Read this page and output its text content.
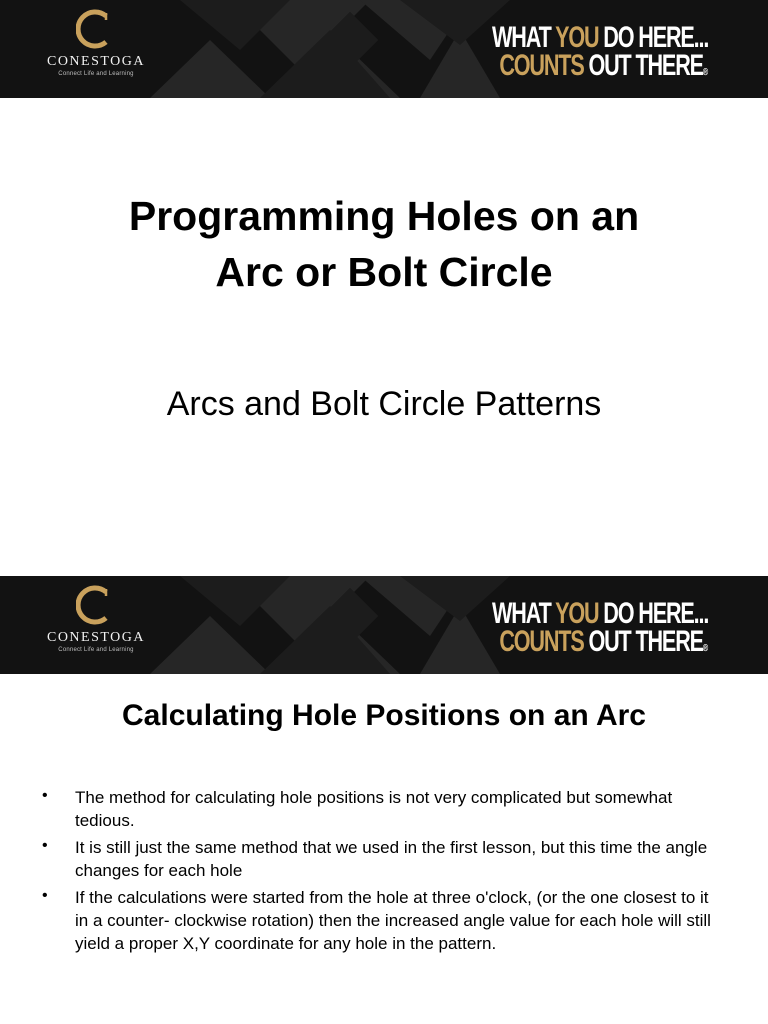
CONESTOGA
Connect Life and Learning
WHAT YOU DO HERE...
COUNTS OUT THERE®
Programming Holes on an
Arc or Bolt Circle
Arcs and Bolt Circle Patterns
CONESTOGA
Connect Life and Learning
WHAT YOU DO HERE...
COUNTS OUT THERE®
Calculating Hole Positions on an Arc
• The method for calculating hole positions is not very complicated but somewhat tedious.
• It is still just the same method that we used in the first lesson, but this time the angle changes for each hole
• If the calculations were started from the hole at three o'clock, (or the one closest to it in a counter- clockwise rotation) then the increased angle value for each hole will still yield a proper X,Y coordinate for any hole in the pattern.
